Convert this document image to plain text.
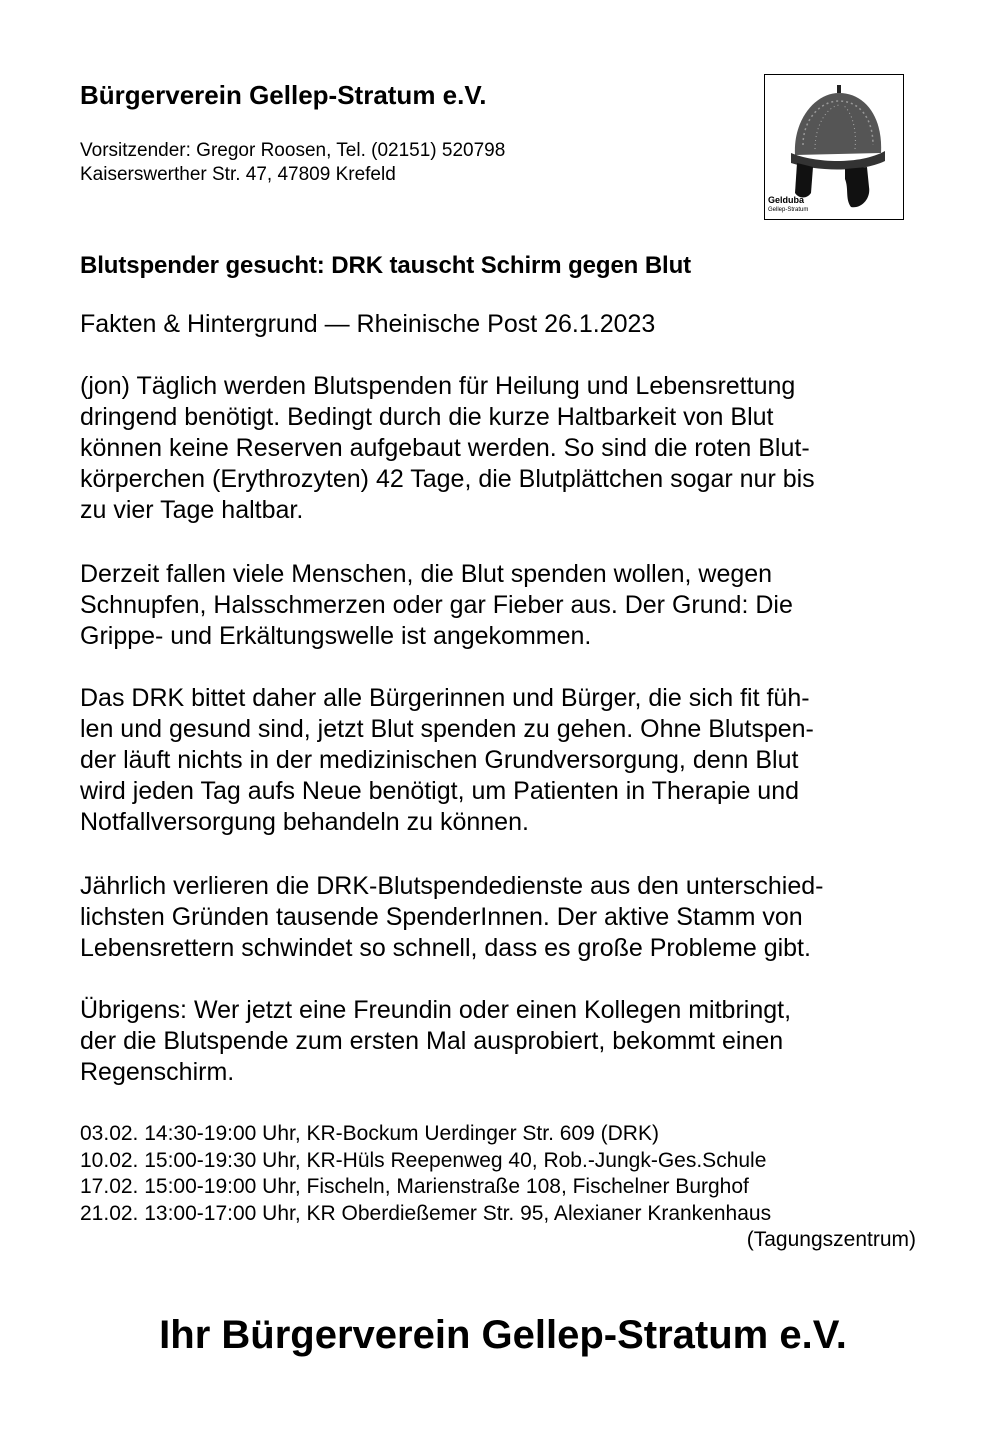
Bürgerverein Gellep-Stratum e.V.
Vorsitzender: Gregor Roosen, Tel. (02151) 520798
Kaiserswerther Str. 47, 47809 Krefeld
Gelduba
Gellep-Stratum
Blutspender gesucht: DRK tauscht Schirm gegen Blut
Fakten & Hintergrund — Rheinische Post 26.1.2023
(jon) Täglich werden Blutspenden für Heilung und Lebensrettung
dringend benötigt. Bedingt durch die kurze Haltbarkeit von Blut
können keine Reserven aufgebaut werden. So sind die roten Blut-
körperchen (Erythrozyten) 42 Tage, die Blutplättchen sogar nur bis
zu vier Tage haltbar.
Derzeit fallen viele Menschen, die Blut spenden wollen, wegen
Schnupfen, Halsschmerzen oder gar Fieber aus. Der Grund: Die
Grippe- und Erkältungswelle ist angekommen.
Das DRK bittet daher alle Bürgerinnen und Bürger, die sich fit füh-
len und gesund sind, jetzt Blut spenden zu gehen. Ohne Blutspen-
der läuft nichts in der medizinischen Grundversorgung, denn Blut
wird jeden Tag aufs Neue benötigt, um Patienten in Therapie und
Notfallversorgung behandeln zu können.
Jährlich verlieren die DRK-Blutspendedienste aus den unterschied-
lichsten Gründen tausende SpenderInnen. Der aktive Stamm von
Lebensrettern schwindet so schnell, dass es große Probleme gibt.
Übrigens: Wer jetzt eine Freundin oder einen Kollegen mitbringt,
der die Blutspende zum ersten Mal ausprobiert, bekommt einen
Regenschirm.
03.02. 14:30-19:00 Uhr, KR-Bockum Uerdinger Str. 609 (DRK)
10.02. 15:00-19:30 Uhr, KR-Hüls Reepenweg 40, Rob.-Jungk-Ges.Schule
17.02. 15:00-19:00 Uhr, Fischeln, Marienstraße 108, Fischelner Burghof
21.02. 13:00-17:00 Uhr, KR Oberdießemer Str. 95, Alexianer Krankenhaus
(Tagungszentrum)
Ihr Bürgerverein Gellep-Stratum e.V.
